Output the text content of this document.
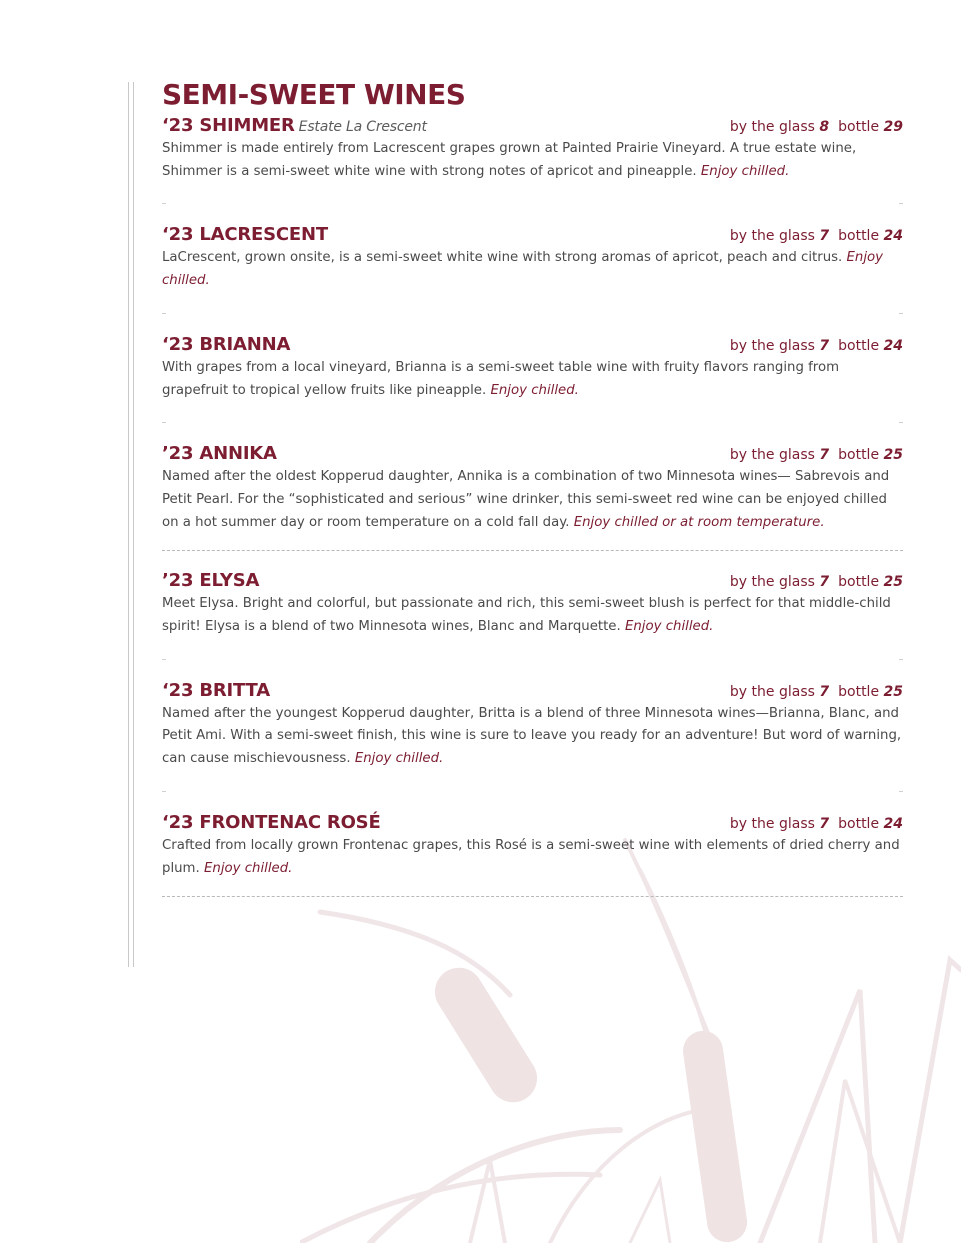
SEMI-SWEET WINES
‘23 SHIMMER Estate La Crescent	by the glass 8 bottle 29

Shimmer is made entirely from Lacrescent grapes grown at Painted Prairie Vineyard. A true estate wine, Shimmer is a semi-sweet white wine with strong notes of apricot and pineapple. Enjoy chilled.

‘23 LACRESCENT	by the glass 7 bottle 24

LaCrescent, grown onsite, is a semi-sweet white wine with strong aromas of apricot, peach and citrus. Enjoy chilled.

‘23 BRIANNA	by the glass 7 bottle 24

With grapes from a local vineyard, Brianna is a semi-sweet table wine with fruity flavors ranging from grapefruit to tropical yellow fruits like pineapple. Enjoy chilled.

’23 ANNIKA	by the glass 7 bottle 25

Named after the oldest Kopperud daughter, Annika is a combination of two Minnesota wines— Sabrevois and Petit Pearl. For the “sophisticated and serious” wine drinker, this semi-sweet red wine can be enjoyed chilled on a hot summer day or room temperature on a cold fall day. Enjoy chilled or at room temperature.

’23 ELYSA	by the glass 7 bottle 25

Meet Elysa. Bright and colorful, but passionate and rich, this semi-sweet blush is perfect for that middle-child spirit! Elysa is a blend of two Minnesota wines, Blanc and Marquette. Enjoy chilled.

‘23 BRITTA	by the glass 7 bottle 25

Named after the youngest Kopperud daughter, Britta is a blend of three Minnesota wines—Brianna, Blanc, and Petit Ami. With a semi-sweet finish, this wine is sure to leave you ready for an adventure! But word of warning, can cause mischievousness. Enjoy chilled.

‘23 FRONTENAC ROSÉ	by the glass 7 bottle 24

Crafted from locally grown Frontenac grapes, this Rosé is a semi-sweet wine with elements of dried cherry and plum. Enjoy chilled.
